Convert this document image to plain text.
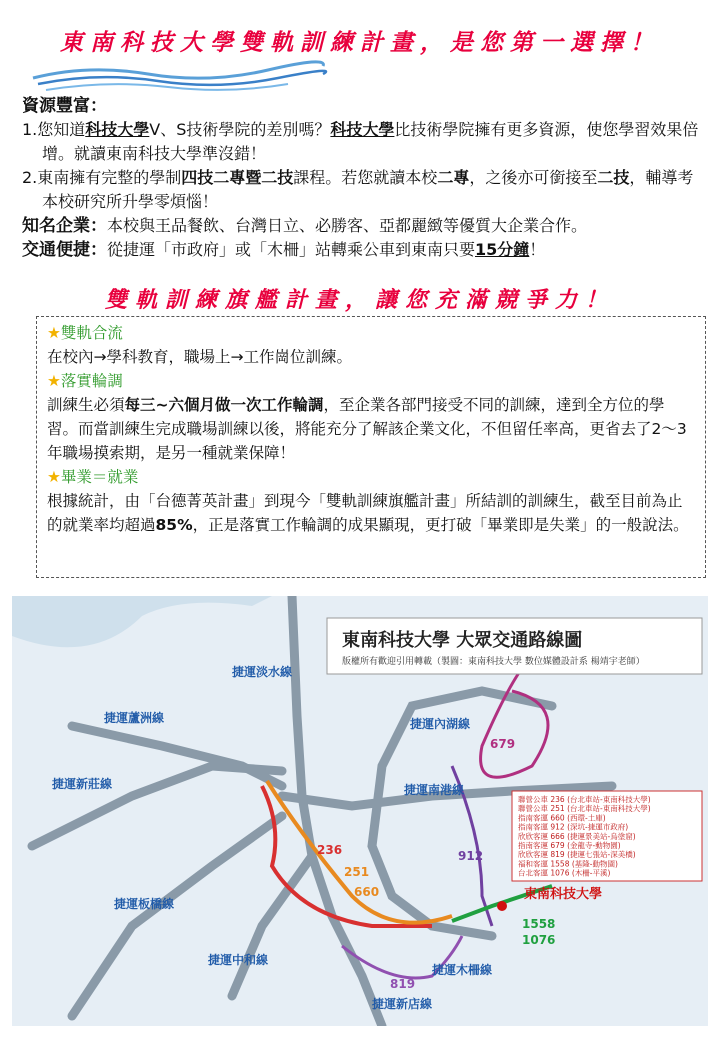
東南科技大學雙軌訓練計畫，是您第一選擇！
資源豐富：
1.您知道科技大學V、S技術學院的差別嗎？科技大學比技術學院擁有更多資源，使您學習效果倍增。就讀東南科技大學準沒錯！
2.東南擁有完整的學制四技二專暨二技課程。若您就讀本校二專，之後亦可銜接至二技，輔導考本校研究所升學零煩惱！
知名企業：本校與王品餐飲、台灣日立、必勝客、亞都麗緻等優質大企業合作。
交通便捷：從捷運「市政府」或「木柵」站轉乘公車到東南只要15分鐘！
雙軌訓練旗艦計畫，讓您充滿競爭力！
★雙軌合流

在校內→學科教育，職場上→工作崗位訓練。

★落實輪調

訓練生必須每三~六個月做一次工作輪調，至企業各部門接受不同的訓練，達到全方位的學習。而當訓練生完成職場訓練以後，將能充分了解該企業文化，不但留任率高，更省去了2～3年職場摸索期，是另一種就業保障！

★畢業＝就業

根據統計，由「台德菁英計畫」到現今「雙軌訓練旗艦計畫」所結訓的訓練生，截至目前為止的就業率均超過85%，正是落實工作輪調的成果顯現，更打破「畢業即是失業」的一般說法。

東南科技大學 大眾交通路線圖
版權所有歡迎引用轉載（製圖：東南科技大學 數位媒體設計系 楊靖宇老師）
捷運淡水線
捷運蘆洲線	捷運內湖線
捷運新莊線	捷運南港線
捷運板橋線
捷運中和線
捷運木柵線
捷運新店線
679
236
251
660
912
819
1558
1076
聯營公車 236 (台北車站-東南科技大學)
聯營公車 251 (台北車站-東南科技大學)
指南客運 660 (西環-土庫)
指南客運 912 (深坑-捷運市政府)
欣欣客運 666 (捷運景美站-烏塗窟)
指南客運 679 (金龍寺-動物園)
欣欣客運 819 (捷運七張站-深美橋)
福和客運 1558 (基隆-動物園)
台北客運 1076 (木柵-平溪)
東南科技大學
